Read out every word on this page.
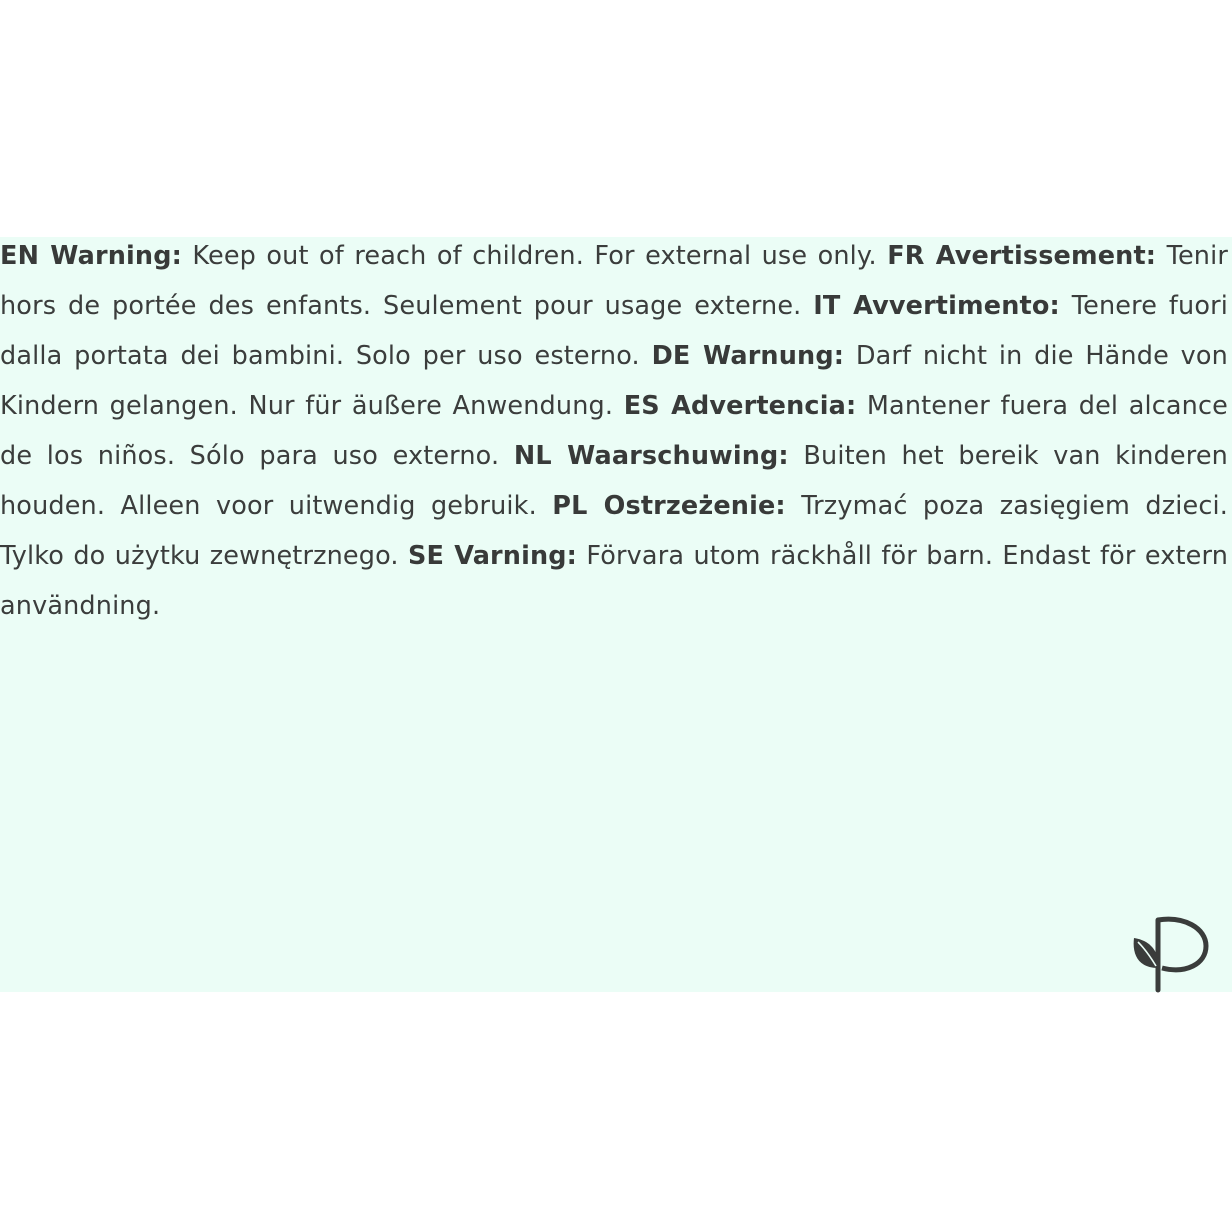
EN Warning: Keep out of reach of children. For external use only. FR Avertissement: Tenir hors de portée des enfants. Seulement pour usage externe. IT Avvertimento: Tenere fuori dalla portata dei bambini. Solo per uso esterno. DE Warnung: Darf nicht in die Hände von Kindern gelangen. Nur für äußere Anwendung. ES Advertencia: Mantener fuera del alcance de los niños. Sólo para uso externo. NL Waarschuwing: Buiten het bereik van kinderen houden. Alleen voor uitwendig gebruik. PL Ostrzeżenie: Trzymać poza zasięgiem dzieci. Tylko do użytku zewnętrznego. SE Varning: Förvara utom räckhåll för barn. Endast för extern användning.
